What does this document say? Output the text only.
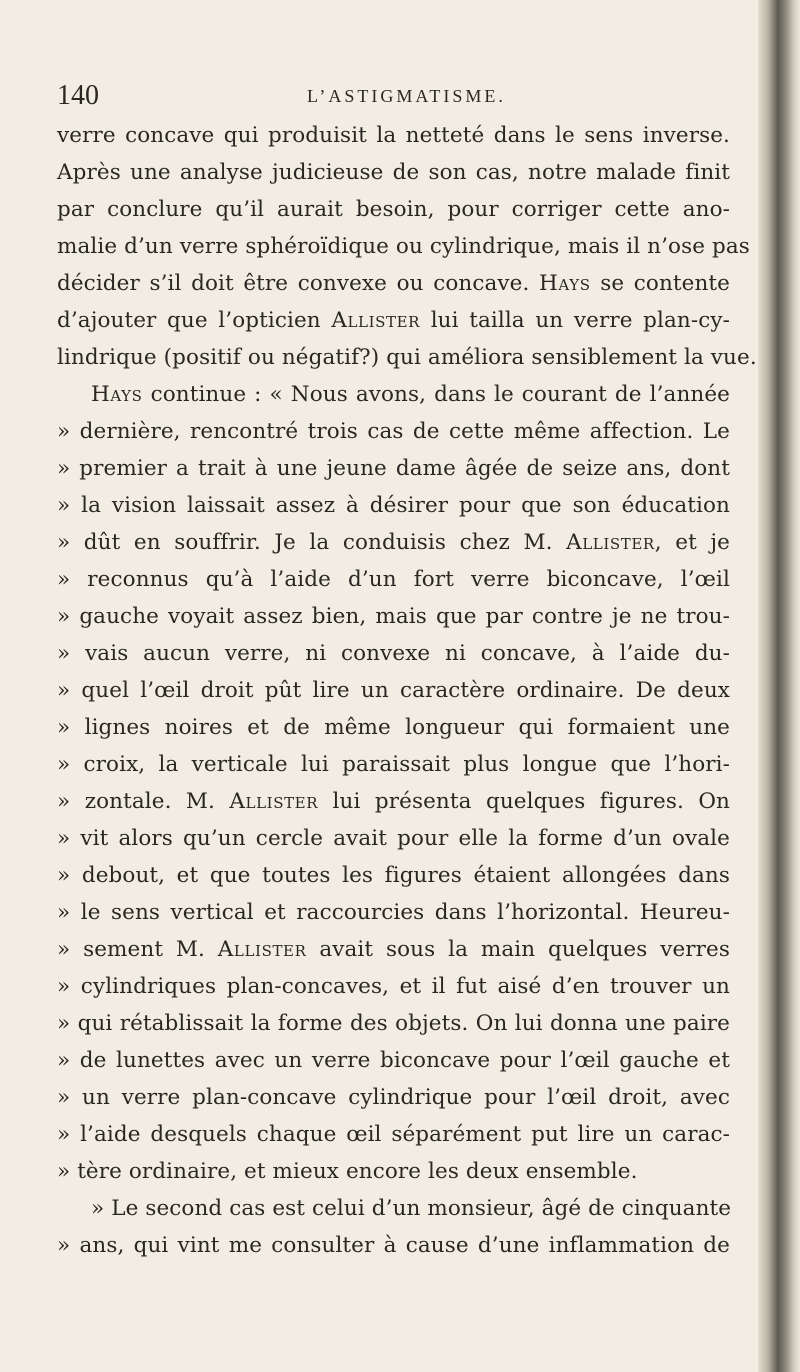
140	L’ASTIGMATISME.
verre concave qui produisit la netteté dans le sens inverse.
Après une analyse judicieuse de son cas, notre malade finit
par conclure qu’il aurait besoin, pour corriger cette ano-
malie d’un verre sphéroïdique ou cylindrique, mais il n’ose pas
décider s’il doit être convexe ou concave. Hays se contente
d’ajouter que l’opticien Allister lui tailla un verre plan-cy-
lindrique (positif ou négatif?) qui améliora sensiblement la vue.
Hays continue : « Nous avons, dans le courant de l’année
» dernière, rencontré trois cas de cette même affection. Le
» premier a trait à une jeune dame âgée de seize ans, dont
» la vision laissait assez à désirer pour que son éducation
» dût en souffrir. Je la conduisis chez M. Allister, et je
» reconnus qu’à l’aide d’un fort verre biconcave, l’œil
» gauche voyait assez bien, mais que par contre je ne trou-
» vais aucun verre, ni convexe ni concave, à l’aide du-
» quel l’œil droit pût lire un caractère ordinaire. De deux
» lignes noires et de même longueur qui formaient une
» croix, la verticale lui paraissait plus longue que l’hori-
» zontale. M. Allister lui présenta quelques figures. On
» vit alors qu’un cercle avait pour elle la forme d’un ovale
» debout, et que toutes les figures étaient allongées dans
» le sens vertical et raccourcies dans l’horizontal. Heureu-
» sement M. Allister avait sous la main quelques verres
» cylindriques plan-concaves, et il fut aisé d’en trouver un
» qui rétablissait la forme des objets. On lui donna une paire
» de lunettes avec un verre biconcave pour l’œil gauche et
» un verre plan-concave cylindrique pour l’œil droit, avec
» l’aide desquels chaque œil séparément put lire un carac-
» tère ordinaire, et mieux encore les deux ensemble.
» Le second cas est celui d’un monsieur, âgé de cinquante
» ans, qui vint me consulter à cause d’une inflammation de
